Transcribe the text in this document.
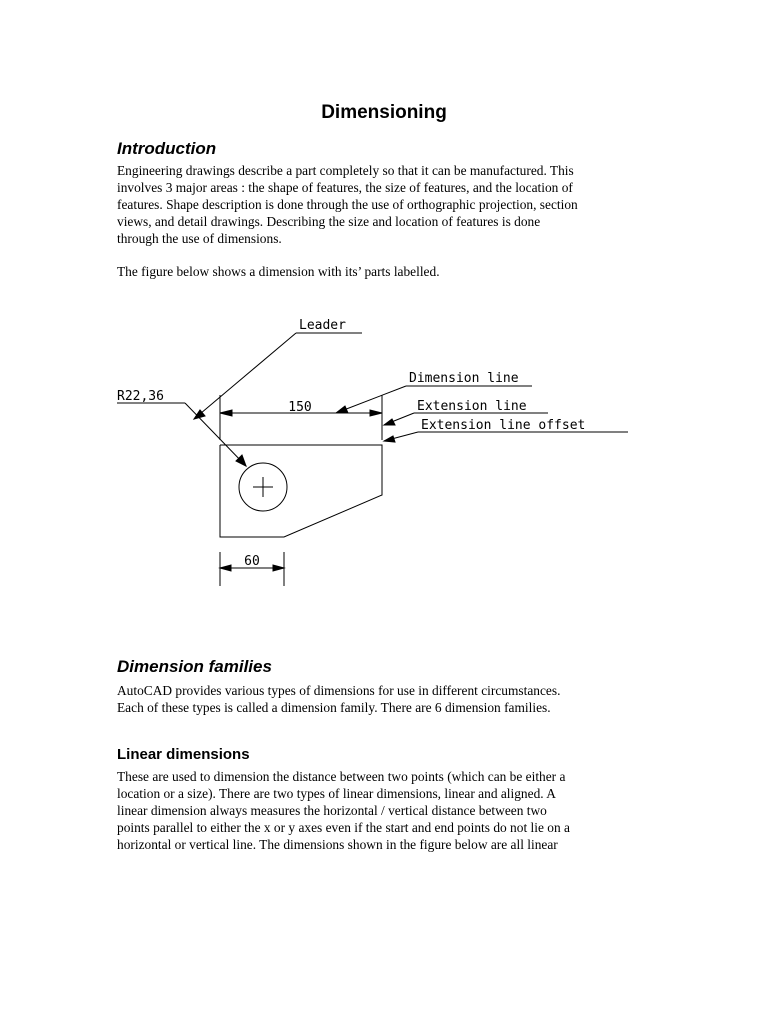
Dimensioning
Introduction
Engineering drawings describe a part completely so that it can be manufactured. This
involves 3 major areas : the shape of features, the size of features, and the location of
features. Shape description is done through the use of orthographic projection, section
views, and detail drawings. Describing the size and location of features is done
through the use of dimensions.
The figure below shows a dimension with its’ parts labelled.
150
60
R22,36
Leader
Dimension line
Extension line
Extension line offset
Dimension families
AutoCAD provides various types of dimensions for use in different circumstances.
Each of these types is called a dimension family. There are 6 dimension families.
Linear dimensions
These are used to dimension the distance between two points (which can be either a
location or a size). There are two types of linear dimensions, linear and aligned. A
linear dimension always measures the horizontal / vertical distance between two
points parallel to either the x or y axes even if the start and end points do not lie on a
horizontal or vertical line. The dimensions shown in the figure below are all linear
